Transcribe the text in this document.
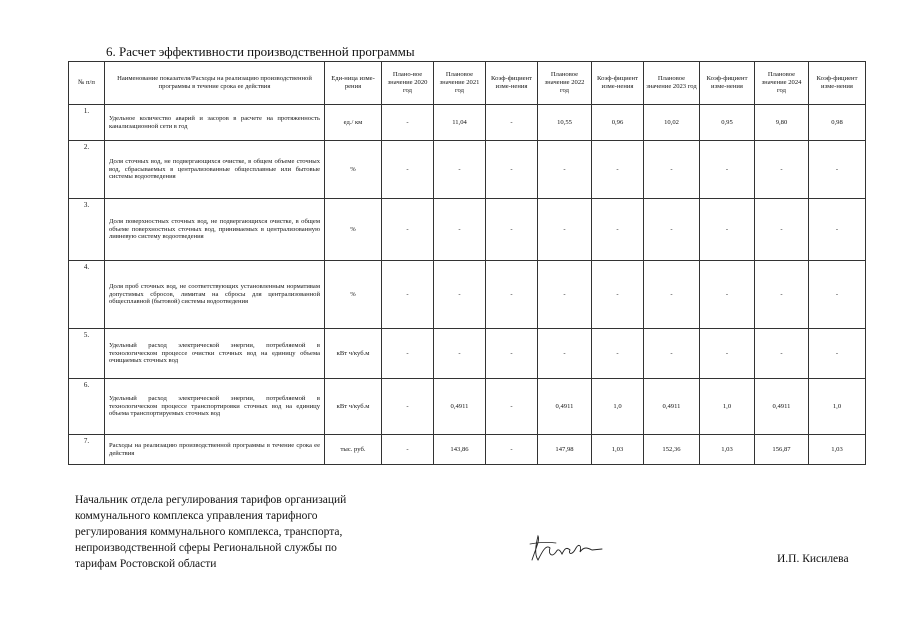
6. Расчет эффективности производственной программы
№ п/п	Наименование показателя/Расходы на реализацию производственной программы в течение срока ее действия	Еди-ница изме-рения	Плано-вое значение 2020 год	Плановое значение 2021 год	Коэф-фициент изме-нения	Плановое значение 2022 год	Коэф-фициент изме-нения	Плановое значение 2023 год	Коэф-фициент изме-нения	Плановое значение 2024 год	Коэф-фициент изме-нения
1.	Удельное количество аварий и засоров в расчете на протяженность канализационной сети в год	ед./ км	-	11,04	-	10,55	0,96	10,02	0,95	9,80	0,98
2.	Доля сточных вод, не подвергающихся очистке, в общем объеме сточных вод, сбрасываемых в централизованные общесплавные или бытовые системы водоотведения	%	-	-	-	-	-	-	-	-	-
3.	Доля поверхностных сточных вод, не подвергающихся очистке, в общем объеме поверхностных сточных вод, принимаемых в централизованную ливневую систему водоотведения	%	-	-	-	-	-	-	-	-	-
4.	Доля проб сточных вод, не соответствующих установленным нормативам допустимых сбросов, лимитам на сбросы для централизованной общесплавной (бытовой) системы водоотведения	%	-	-	-	-	-	-	-	-	-
5.	Удельный расход электрической энергии, потребляемой в технологическом процессе очистки сточных вод на единицу объема очищаемых сточных вод	кВт ч/куб.м	-	-	-	-	-	-	-	-	-
6.	Удельный расход электрической энергии, потребляемой в технологическом процессе транспортировки сточных вод на единицу объема транспортируемых сточных вод	кВт ч/куб.м	-	0,4911	-	0,4911	1,0	0,4911	1,0	0,4911	1,0
7.	Расходы на реализацию производственной программы в течение срока ее действия	тыс. руб.	-	143,86	-	147,98	1,03	152,36	1,03	156,87	1,03

Начальник отдела регулирования тарифов организаций
коммунального комплекса управления тарифного
регулирования коммунального комплекса, транспорта,
непроизводственной сферы Региональной службы по
тарифам Ростовской области	И.П. Кисилева
